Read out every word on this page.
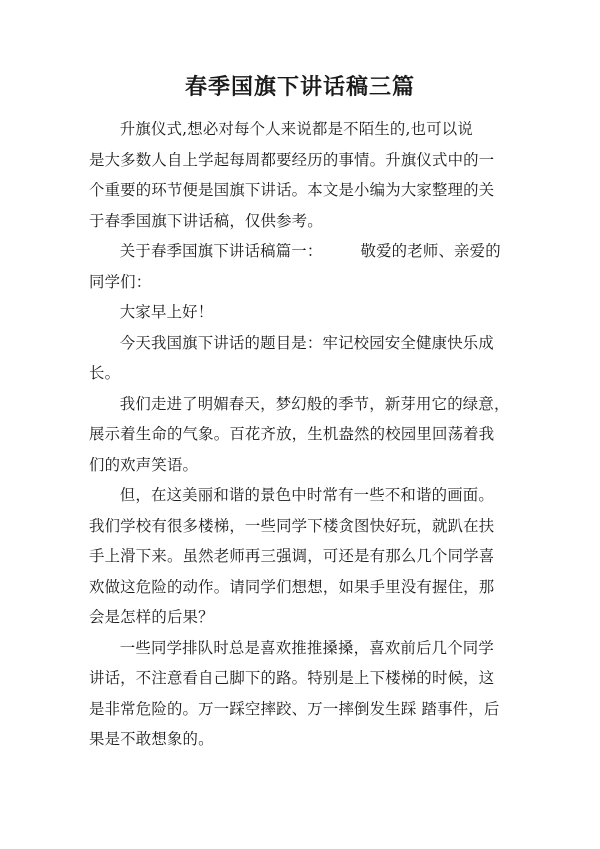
春季国旗下讲话稿三篇

升旗仪式,想必对每个人来说都是不陌生的,也可以说
是大多数人自上学起每周都要经历的事情。升旗仪式中的一
个重要的环节便是国旗下讲话。本文是小编为大家整理的关
于春季国旗下讲话稿，仅供参考。

关于春季国旗下讲话稿篇一： 敬爱的老师、亲爱的
同学们：

大家早上好！

今天我国旗下讲话的题目是：牢记校园安全健康快乐成
长。

我们走进了明媚春天，梦幻般的季节，新芽用它的绿意，
展示着生命的气象。百花齐放，生机盎然的校园里回荡着我
们的欢声笑语。

但，在这美丽和谐的景色中时常有一些不和谐的画面。
我们学校有很多楼梯，一些同学下楼贪图快好玩，就趴在扶
手上滑下来。虽然老师再三强调，可还是有那么几个同学喜
欢做这危险的动作。请同学们想想，如果手里没有握住，那
会是怎样的后果？

一些同学排队时总是喜欢推推搡搡，喜欢前后几个同学
讲话，不注意看自己脚下的路。特别是上下楼梯的时候，这
是非常危险的。万一踩空摔跤、万一摔倒发生踩 踏事件，后
果是不敢想象的。
